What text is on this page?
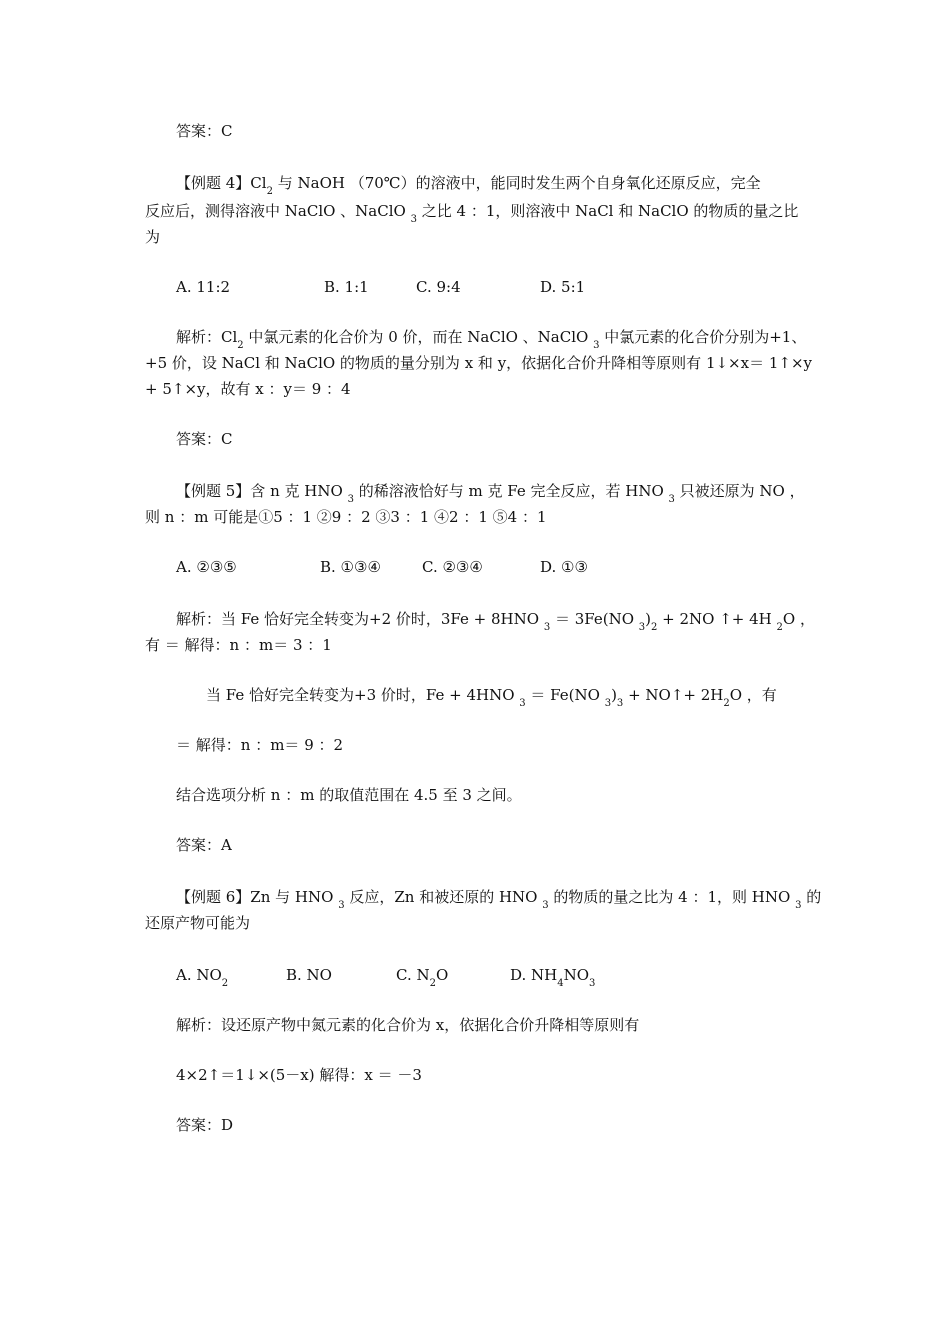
答案：C
【例题 4】$Cl_2$ 与 NaOH （70℃）的溶液中，能同时发生两个自身氧化还原反应，完全
反应后，测得溶液中 NaClO 、NaClO $_3$ 之比 4 ：1，则溶液中 NaCl 和 NaClO 的物质的量之比
为
A. 11:2	B. 1:1	C. 9:4	D. 5:1
解析：$Cl_2$ 中氯元素的化合价为 0 价，而在 NaClO 、NaClO $_3$ 中氯元素的化合价分别为+1、
+5 价，设 NaCl 和 NaClO 的物质的量分别为 x 和 y，依据化合价升降相等原则有 1↓×x＝ 1↑×y
+ 5↑×y，故有 x ：y＝ 9 ：4
答案：C
【例题 5】含 n 克 HNO $_3$ 的稀溶液恰好与 m 克 Fe 完全反应，若 HNO $_3$ 只被还原为 NO ，
则 n ：m 可能是①5 ：1 ②9 ：2 ③3 ：1 ④2 ：1 ⑤4 ：1
A. ②③⑤	B. ①③④	C. ②③④	D. ①③
解析：当 Fe 恰好完全转变为+2 价时，3Fe + 8HNO $_3$ ＝ 3Fe(NO $_3)_2 + 2NO$ ↑+ 4H $_2$O ，
有 ＝ 解得：n ：m＝ 3 ：1
当 Fe 恰好完全转变为+3 价时，Fe + 4HNO $_3$ ＝ Fe(NO $_3)_3$ + NO↑+ $2H_2O$ ，有
＝ 解得：n ：m＝ 9 ：2
结合选项分析 n ：m 的取值范围在 4.5 至 3 之间。
答案：A
【例题 6】Zn 与 HNO $_3$ 反应，Zn 和被还原的 HNO $_3$ 的物质的量之比为 4 ：1，则 HNO $_3$ 的
还原产物可能为
A. $NO_2$	B. NO	C. $N_2O$	D. $NH_4NO_3$
解析：设还原产物中氮元素的化合价为 x，依据化合价升降相等原则有
4×2↑＝1↓×(5－x) 解得：x ＝ －3
答案：D
